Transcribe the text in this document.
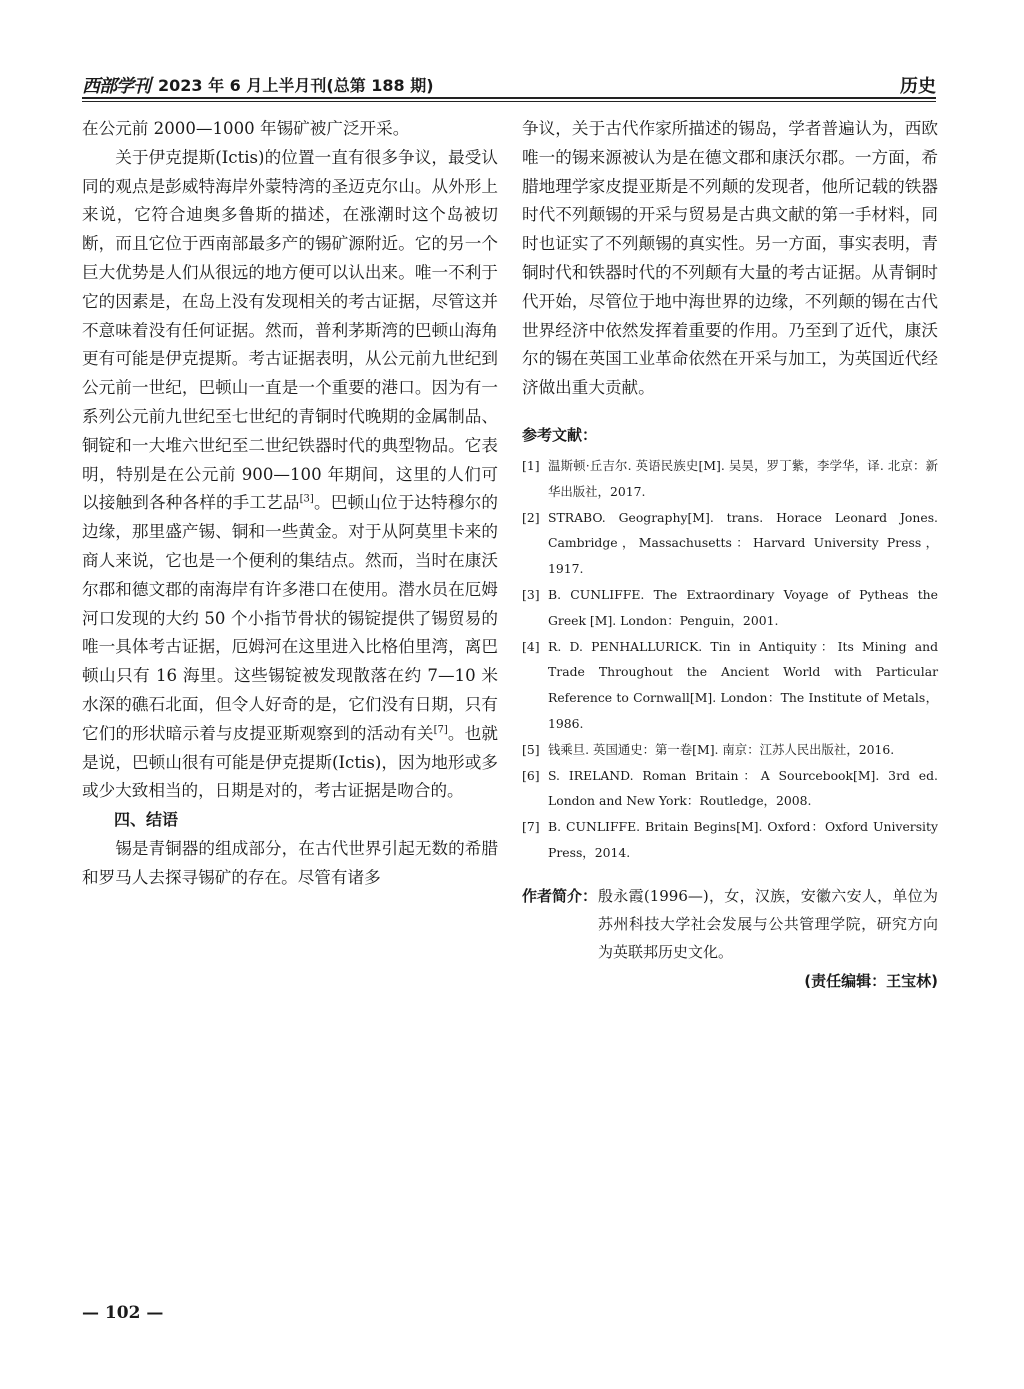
西部学刊 2023 年 6 月上半月刊(总第 188 期)	历史

在公元前 2000—1000 年锡矿被广泛开采。

关于伊克提斯(Ictis)的位置一直有很多争议，最受认同的观点是彭威特海岸外蒙特湾的圣迈克尔山。从外形上来说，它符合迪奥多鲁斯的描述，在涨潮时这个岛被切断，而且它位于西南部最多产的锡矿源附近。它的另一个巨大优势是人们从很远的地方便可以认出来。唯一不利于它的因素是，在岛上没有发现相关的考古证据，尽管这并不意味着没有任何证据。然而，普利茅斯湾的巴顿山海角更有可能是伊克提斯。考古证据表明，从公元前九世纪到公元前一世纪，巴顿山一直是一个重要的港口。因为有一系列公元前九世纪至七世纪的青铜时代晚期的金属制品、铜锭和一大堆六世纪至二世纪铁器时代的典型物品。它表明，特别是在公元前 900—100 年期间，这里的人们可以接触到各种各样的手工艺品[3]。巴顿山位于达特穆尔的边缘，那里盛产锡、铜和一些黄金。对于从阿莫里卡来的商人来说，它也是一个便利的集结点。然而，当时在康沃尔郡和德文郡的南海岸有许多港口在使用。潜水员在厄姆河口发现的大约 50 个小指节骨状的锡锭提供了锡贸易的唯一具体考古证据，厄姆河在这里进入比格伯里湾，离巴顿山只有 16 海里。这些锡锭被发现散落在约 7—10 米水深的礁石北面，但令人好奇的是，它们没有日期，只有它们的形状暗示着与皮提亚斯观察到的活动有关[7]。也就是说，巴顿山很有可能是伊克提斯(Ictis)，因为地形或多或少大致相当的，日期是对的，考古证据是吻合的。

四、结语

锡是青铜器的组成部分，在古代世界引起无数的希腊和罗马人去探寻锡矿的存在。尽管有诸多

争议，关于古代作家所描述的锡岛，学者普遍认为，西欧唯一的锡来源被认为是在德文郡和康沃尔郡。一方面，希腊地理学家皮提亚斯是不列颠的发现者，他所记载的铁器时代不列颠锡的开采与贸易是古典文献的第一手材料，同时也证实了不列颠锡的真实性。另一方面，事实表明，青铜时代和铁器时代的不列颠有大量的考古证据。从青铜时代开始，尽管位于地中海世界的边缘，不列颠的锡在古代世界经济中依然发挥着重要的作用。乃至到了近代，康沃尔的锡在英国工业革命依然在开采与加工，为英国近代经济做出重大贡献。

参考文献：
[1] 温斯顿·丘吉尔. 英语民族史[M]. 吴昊，罗丁紫，李学华，译. 北京：新华出版社，2017.
[2] STRABO. Geography[M]. trans. Horace Leonard Jones. Cambridge，Massachusetts：Harvard University Press，1917.
[3] B. CUNLIFFE. The Extraordinary Voyage of Pytheas the Greek [M]. London：Penguin，2001.
[4] R. D. PENHALLURICK. Tin in Antiquity：Its Mining and Trade Throughout the Ancient World with Particular Reference to Cornwall[M]. London：The Institute of Metals，1986.
[5] 钱乘旦. 英国通史：第一卷[M]. 南京：江苏人民出版社，2016.
[6] S. IRELAND. Roman Britain：A Sourcebook[M]. 3rd ed. London and New York：Routledge，2008.
[7] B. CUNLIFFE. Britain Begins[M]. Oxford：Oxford University Press，2014.
作者简介： 殷永霞(1996—)，女，汉族，安徽六安人，单位为苏州科技大学社会发展与公共管理学院，研究方向为英联邦历史文化。
(责任编辑：王宝林)
— 102 —
